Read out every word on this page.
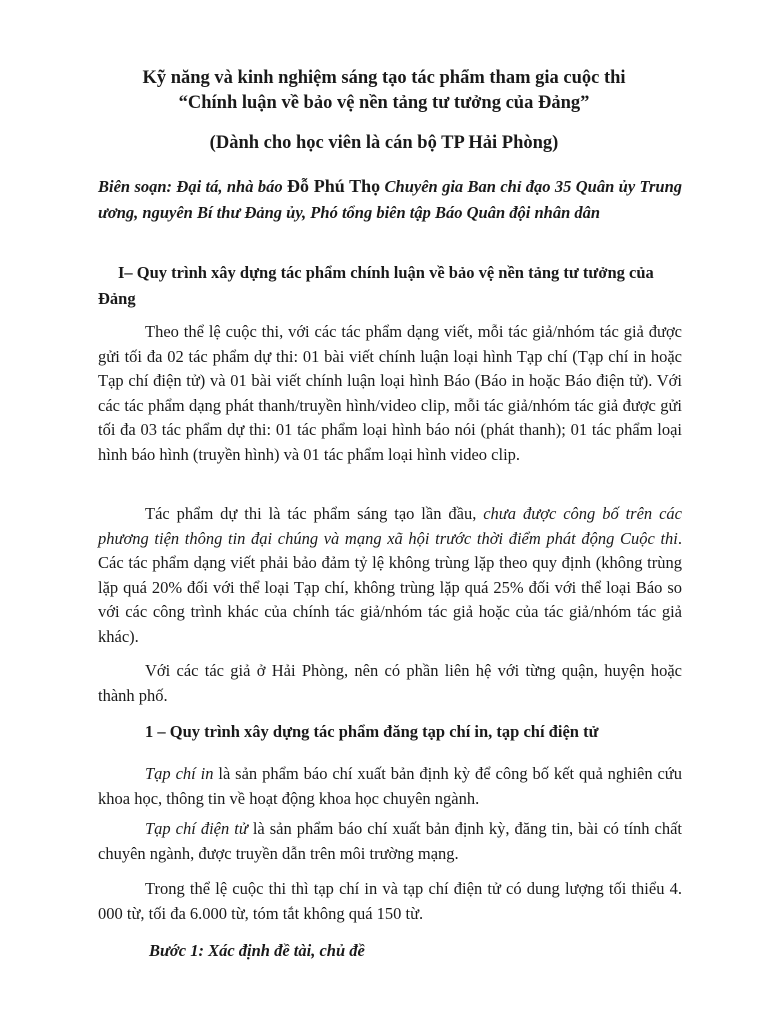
Kỹ năng và kinh nghiệm sáng tạo tác phẩm tham gia cuộc thi
“Chính luận về bảo vệ nền tảng tư tưởng của Đảng”
(Dành cho học viên là cán bộ TP Hải Phòng)
Biên soạn: Đại tá, nhà báo Đỗ Phú Thọ Chuyên gia Ban chỉ đạo 35 Quân ủy Trung ương, nguyên Bí thư Đảng ủy, Phó tổng biên tập Báo Quân đội nhân dân
I– Quy trình xây dựng tác phẩm chính luận về bảo vệ nền tảng tư tưởng của Đảng
Theo thể lệ cuộc thi, với các tác phẩm dạng viết, mỗi tác giả/nhóm tác giả được gửi tối đa 02 tác phẩm dự thi: 01 bài viết chính luận loại hình Tạp chí (Tạp chí in hoặc Tạp chí điện tử) và 01 bài viết chính luận loại hình Báo (Báo in hoặc Báo điện tử). Với các tác phẩm dạng phát thanh/truyền hình/video clip, mỗi tác giả/nhóm tác giả được gửi tối đa 03 tác phẩm dự thi: 01 tác phẩm loại hình báo nói (phát thanh); 01 tác phẩm loại hình báo hình (truyền hình) và 01 tác phẩm loại hình video clip.
Tác phẩm dự thi là tác phẩm sáng tạo lần đầu, chưa được công bố trên các phương tiện thông tin đại chúng và mạng xã hội trước thời điểm phát động Cuộc thi. Các tác phẩm dạng viết phải bảo đảm tỷ lệ không trùng lặp theo quy định (không trùng lặp quá 20% đối với thể loại Tạp chí, không trùng lặp quá 25% đối với thể loại Báo so với các công trình khác của chính tác giả/nhóm tác giả hoặc của tác giả/nhóm tác giả khác).
Với các tác giả ở Hải Phòng, nên có phần liên hệ với từng quận, huyện hoặc thành phố.
1 – Quy trình xây dựng tác phẩm đăng tạp chí in, tạp chí điện tử
Tạp chí in là sản phẩm báo chí xuất bản định kỳ để công bố kết quả nghiên cứu khoa học, thông tin về hoạt động khoa học chuyên ngành.
Tạp chí điện tử là sản phẩm báo chí xuất bản định kỳ, đăng tin, bài có tính chất chuyên ngành, được truyền dẫn trên môi trường mạng.
Trong thể lệ cuộc thi thì tạp chí in và tạp chí điện tử có dung lượng tối thiểu 4. 000 từ, tối đa 6.000 từ, tóm tắt không quá 150 từ.
Bước 1: Xác định đề tài, chủ đề
